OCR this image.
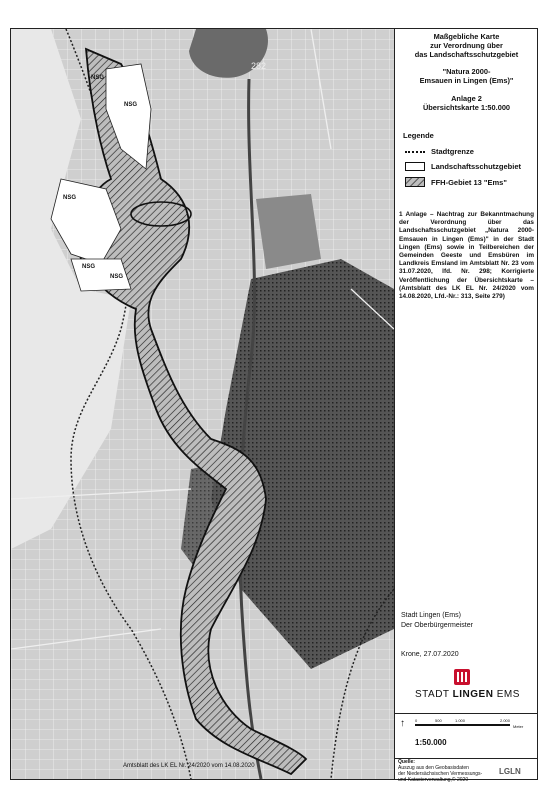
282
NSG
NSG
NSG
NSG
NSG
Amtsblatt des LK EL Nr. 24/2020 vom 14.08.2020
Maßgebliche Karte
zur Verordnung über
das Landschaftsschutzgebiet
"Natura 2000-
Emsauen in Lingen (Ems)"
Anlage 2
Übersichtskarte 1:50.000
Legende
Stadtgrenze
Landschaftsschutzgebiet
FFH-Gebiet 13 "Ems"
1 Anlage – Nachtrag zur Bekanntmachung der Verordnung über das Landschaftsschutzgebiet „Natura 2000-Emsauen in Lingen (Ems)" in der Stadt Lingen (Ems) sowie in Teilbereichen der Gemeinden Geeste und Emsbüren im Landkreis Emsland im Amtsblatt Nr. 23 vom 31.07.2020, lfd. Nr. 298; Korrigierte Veröffentlichung der Übersichtskarte – (Amtsblatt des LK EL Nr. 24/2020 vom 14.08.2020, Lfd.-Nr.: 313, Seite 279)
Stadt Lingen (Ems)
Der Oberbürgermeister
Krone, 27.07.2020
STADT LINGEN EMS
↑	0	500	1.000	2.000
Meter
1:50.000
Quelle:
Auszug aus den Geobasisdaten
der Niedersächsischen Vermessungs-
und Katasterverwaltung,© 2020
LGLN
